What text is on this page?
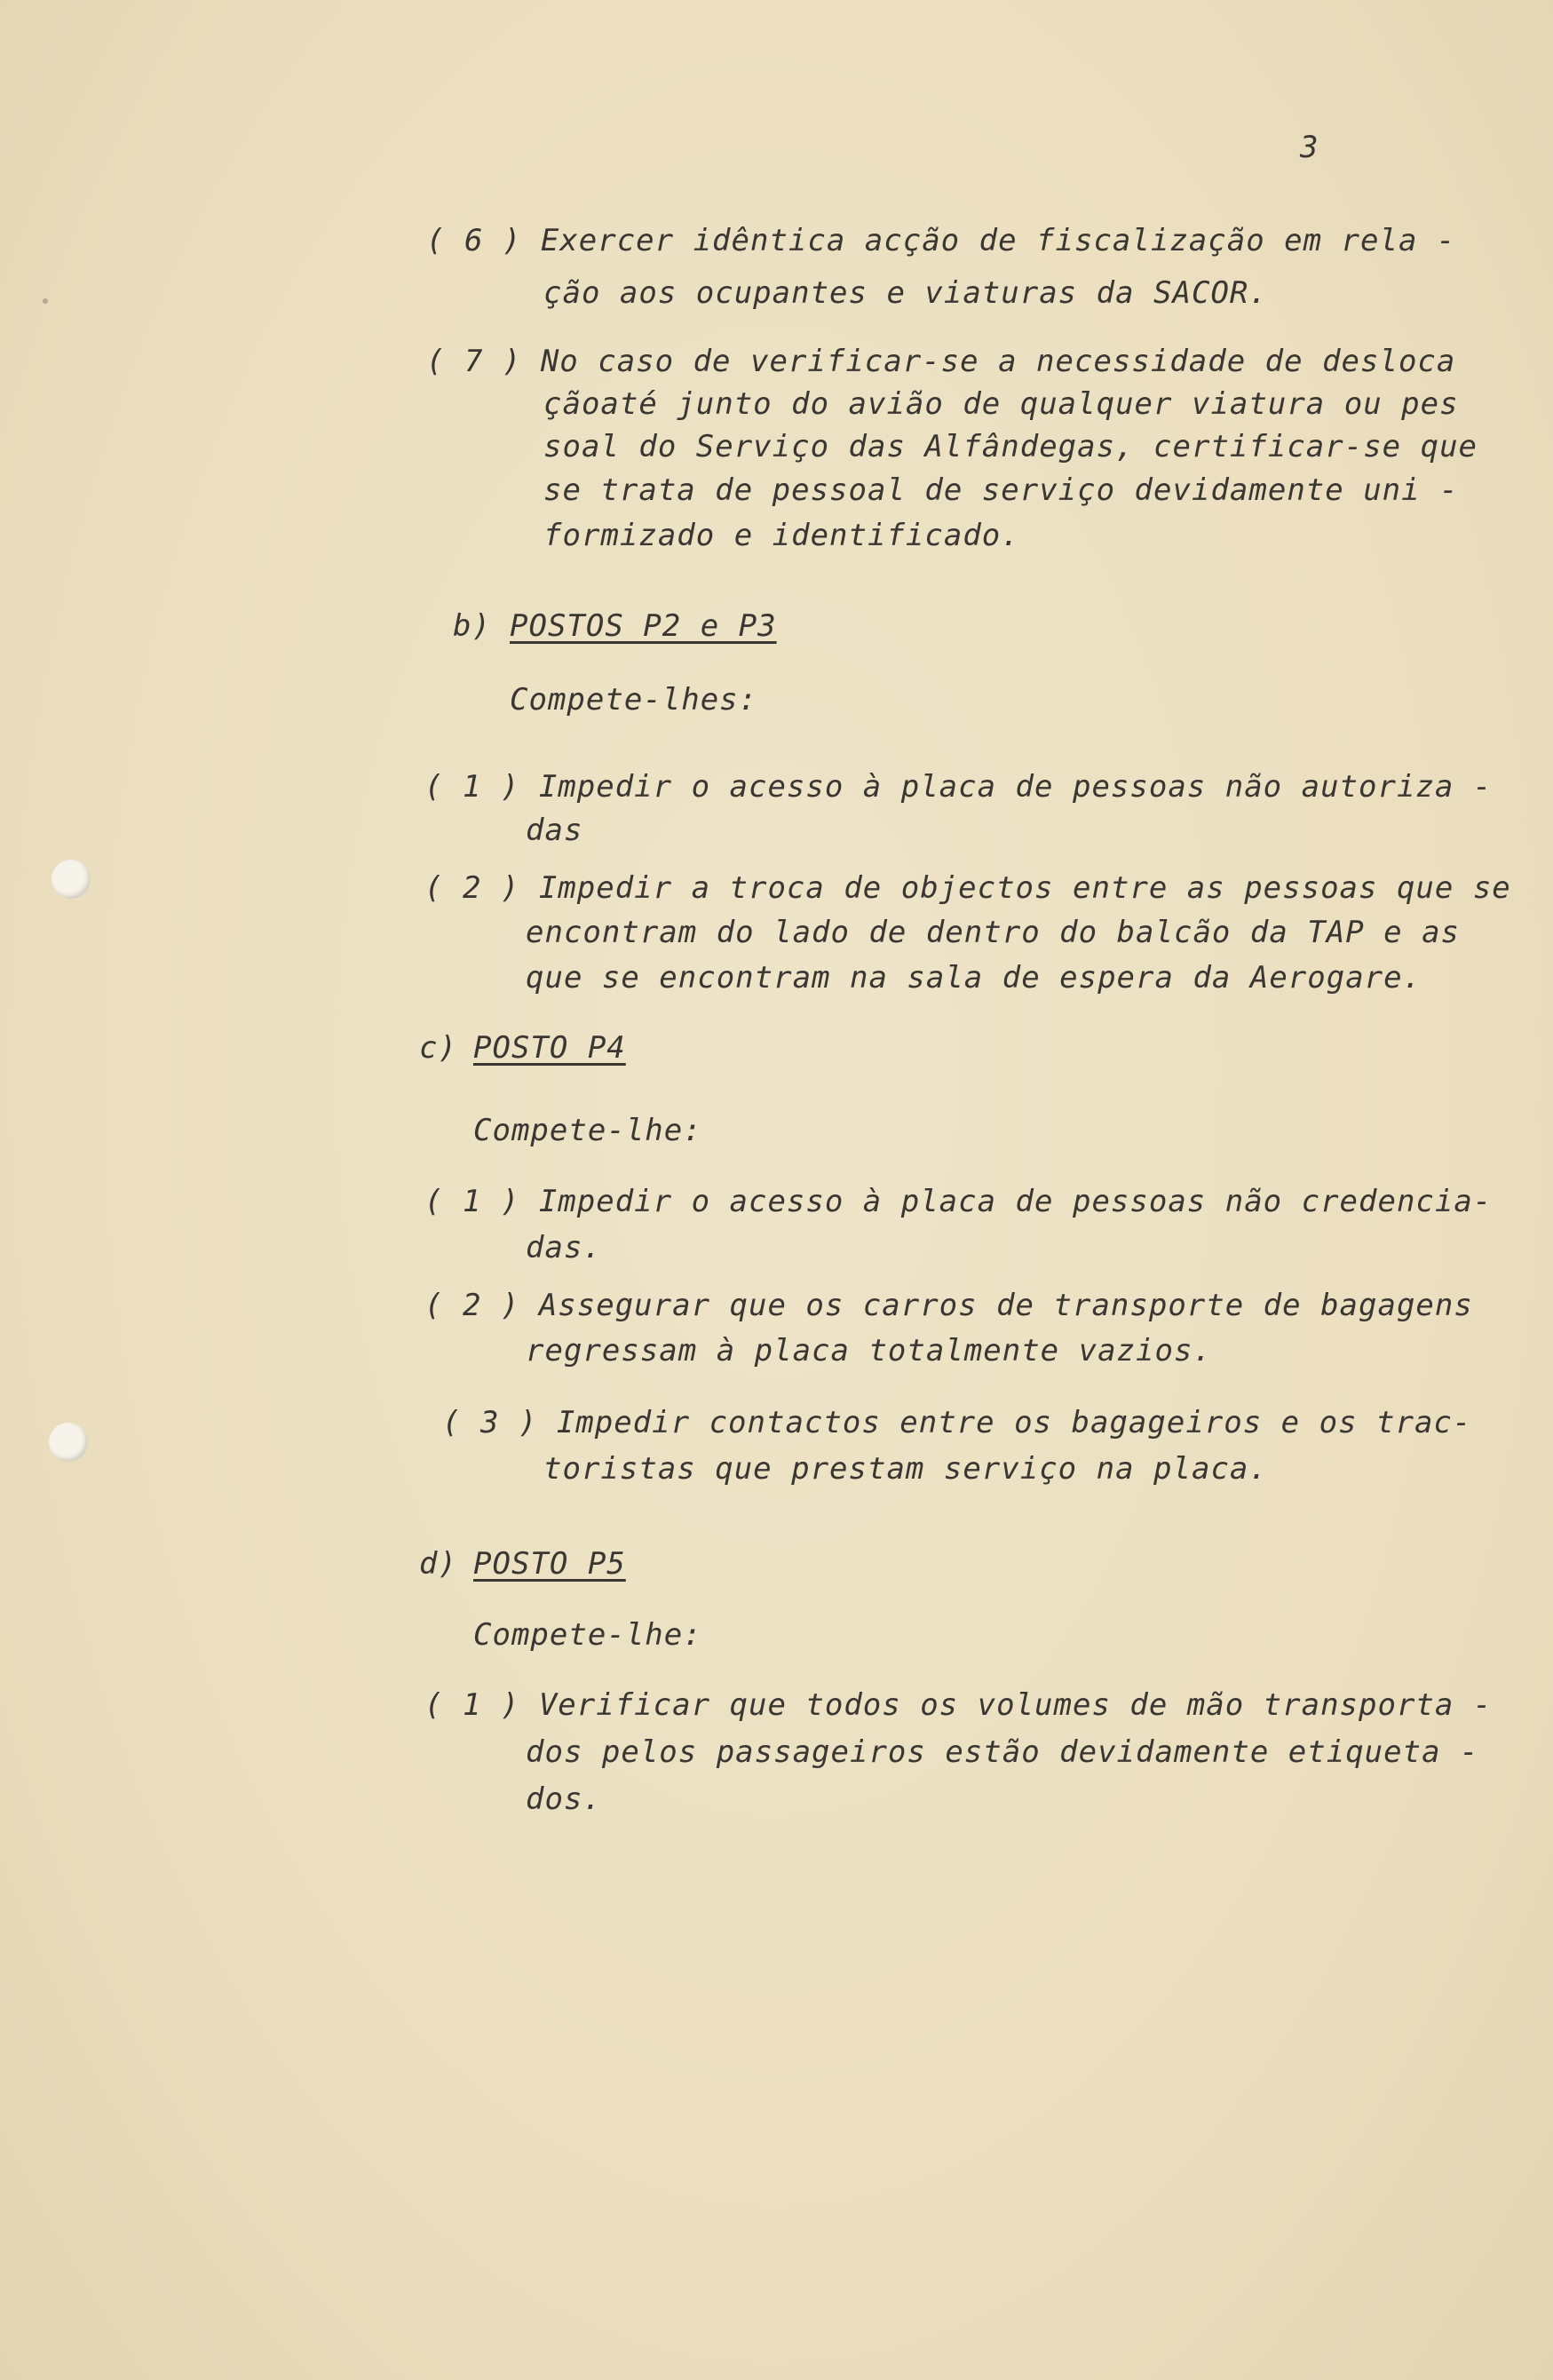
3
( 6 ) Exercer idêntica acção de fiscalização em rela -
ção aos ocupantes e viaturas da SACOR.
( 7 ) No caso de verificar-se a necessidade de desloca
çãoaté junto do avião de qualquer viatura ou pes
soal do Serviço das Alfândegas, certificar-se que
se trata de pessoal de serviço devidamente uni -
formizado e identificado.
b) POSTOS P2 e P3
Compete-lhes:
( 1 ) Impedir o acesso à placa de pessoas não autoriza -
das
( 2 ) Impedir a troca de objectos entre as pessoas que se
encontram do lado de dentro do balcão da TAP e as
que se encontram na sala de espera da Aerogare.
c)
POSTO P4
Compete-lhe:
( 1 ) Impedir o acesso à placa de pessoas não credencia-
das.
( 2 ) Assegurar que os carros de transporte de bagagens
regressam à placa totalmente vazios.
( 3 ) Impedir contactos entre os bagageiros e os trac-
toristas que prestam serviço na placa.
d)
POSTO P5
Compete-lhe:
( 1 ) Verificar que todos os volumes de mão transporta -
dos pelos passageiros estão devidamente etiqueta -
dos.
